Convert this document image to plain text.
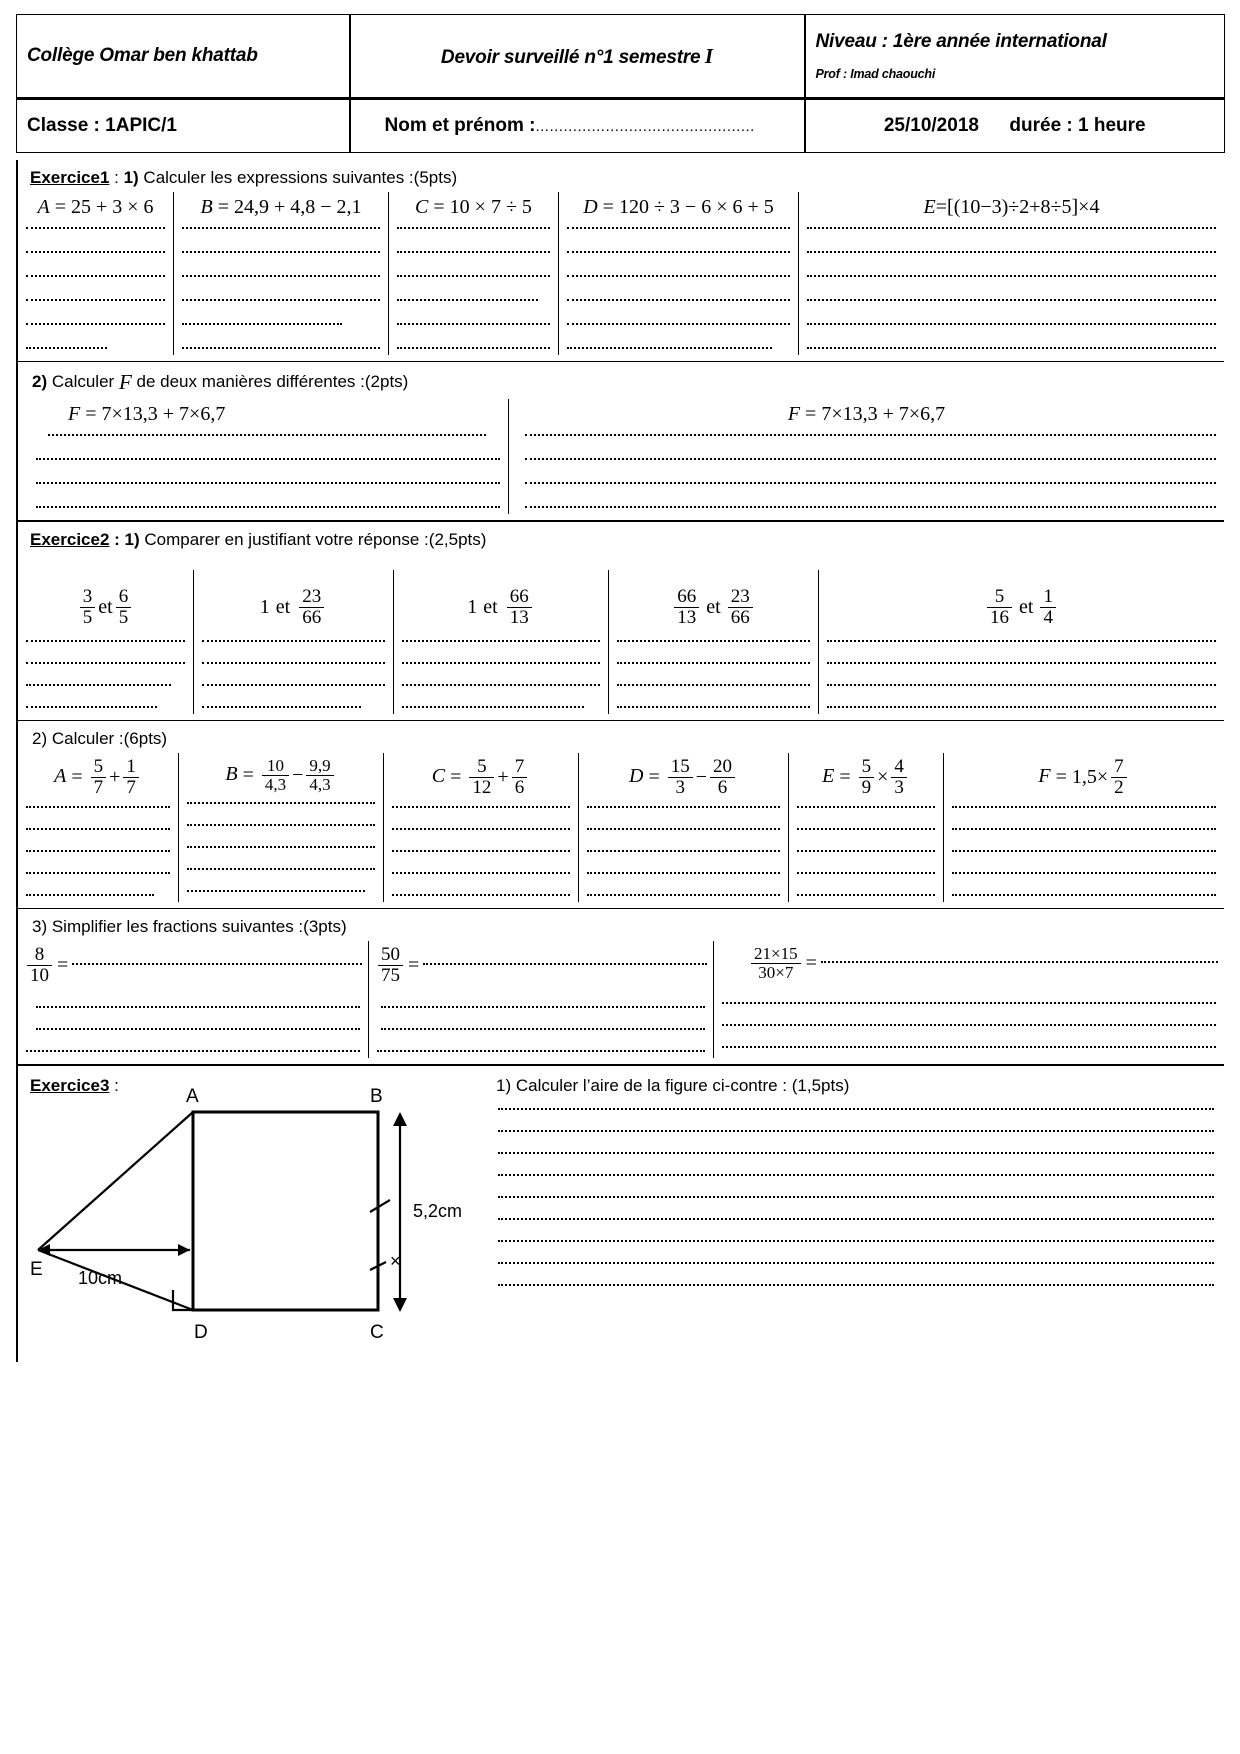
Collège Omar ben khattab	Devoir surveillé n°1 semestre I	Niveau : 1ère année international
Prof : Imad chaouchi

Classe : 1APIC/1	Nom et prénom :...............................................	25/10/2018 durée : 1 heure
Exercice1 : 1) Calculer les expressions suivantes :(5pts)
A = 25 + 3 × 6	B = 24,9 + 4,8 − 2,1	C = 10 × 7 ÷ 5	D = 120 ÷ 3 − 6 × 6 + 5	E=[(10−3)÷2+8÷5]×4
2) Calculer F de deux manières différentes :(2pts)
F = 7×13,3 + 7×6,7	F = 7×13,3 + 7×6,7
Exercice2 : 1) Comparer en justifiant votre réponse :(2,5pts)
$\frac{3}{5}$ et $\frac{6}{5}$	1 et $\frac{23}{66}$	1 et $\frac{66}{13}$	$\frac{66}{13}$ et $\frac{23}{66}$	$\frac{5}{16}$ et $\frac{1}{4}$
2) Calculer :(6pts)
$A = \frac{5}{7} + \frac{1}{7}$	$B = \frac{10}{4,3} - \frac{9,9}{4,3}$	$C = \frac{5}{12} + \frac{7}{6}$	$D = \frac{15}{3} - \frac{20}{6}$	$E = \frac{5}{9} \times \frac{4}{3}$	$F = 1,5\times \frac{7}{2}$
3) Simplifier les fractions suivantes :(3pts)
$\frac{8}{10}$ =	$\frac{50}{75}$ =	$\frac{21\times 15}{30\times 7}$ =
Exercice3 :
A	B
C
D
E
5,2cm
10cm
×
1) Calculer l’aire de la figure ci-contre : (1,5pts)
